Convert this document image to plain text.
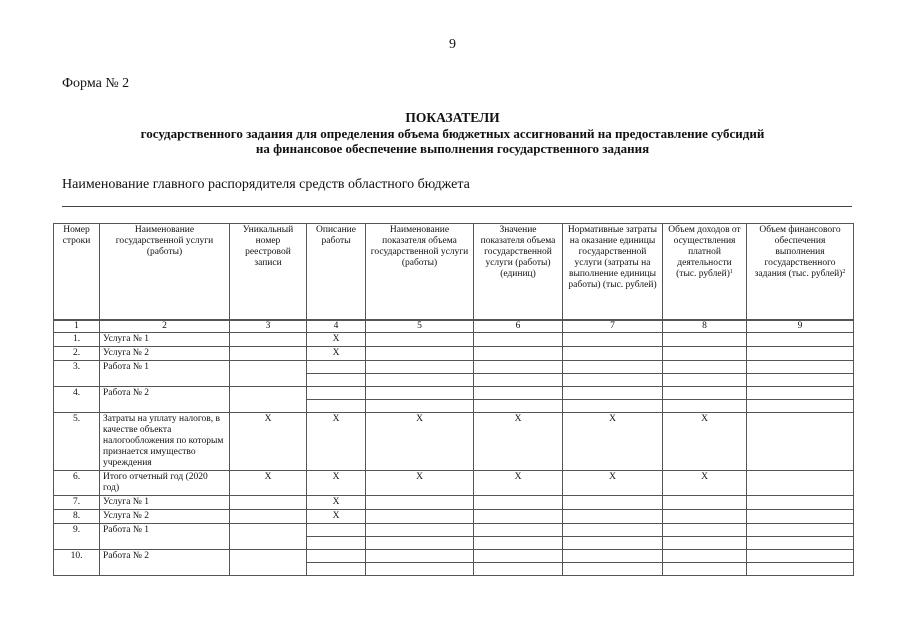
9
Форма № 2
ПОКАЗАТЕЛИ
государственного задания для определения объема бюджетных ассигнований на предоставление субсидий
на финансовое обеспечение выполнения государственного задания
Наименование главного распорядителя средств областного бюджета
Номер строки	Наименование государственной услуги (работы)	Уникальный номер реестровой записи	Описание работы	Наименование показателя объема государственной услуги (работы)	Значение показателя объема государственной услуги (работы) (единиц)	Нормативные затраты на оказание единицы государственной услуги (затраты на выполнение единицы работы) (тыс. рублей)	Объем доходов от осуществления платной деятельности (тыс. рублей)$^1$	Объем финансового обеспечения выполнения государственного задания (тыс. рублей)$^2$
1	2	3	4	5	6	7	8	9
1.	Услуга № 1		Х					
2.	Услуга № 2		Х					
3.	Работа № 1							

4.	Работа № 2							

5.	Затраты на уплату налогов, в качестве объекта налогообложения по которым признается имущество учреждения	Х	Х	Х	Х	Х	Х	
6.	Итого отчетный год (2020 год)	Х	Х	Х	Х	Х	Х	
7.	Услуга № 1		Х					
8.	Услуга № 2		Х					
9.	Работа № 1							

10.	Работа № 2							
